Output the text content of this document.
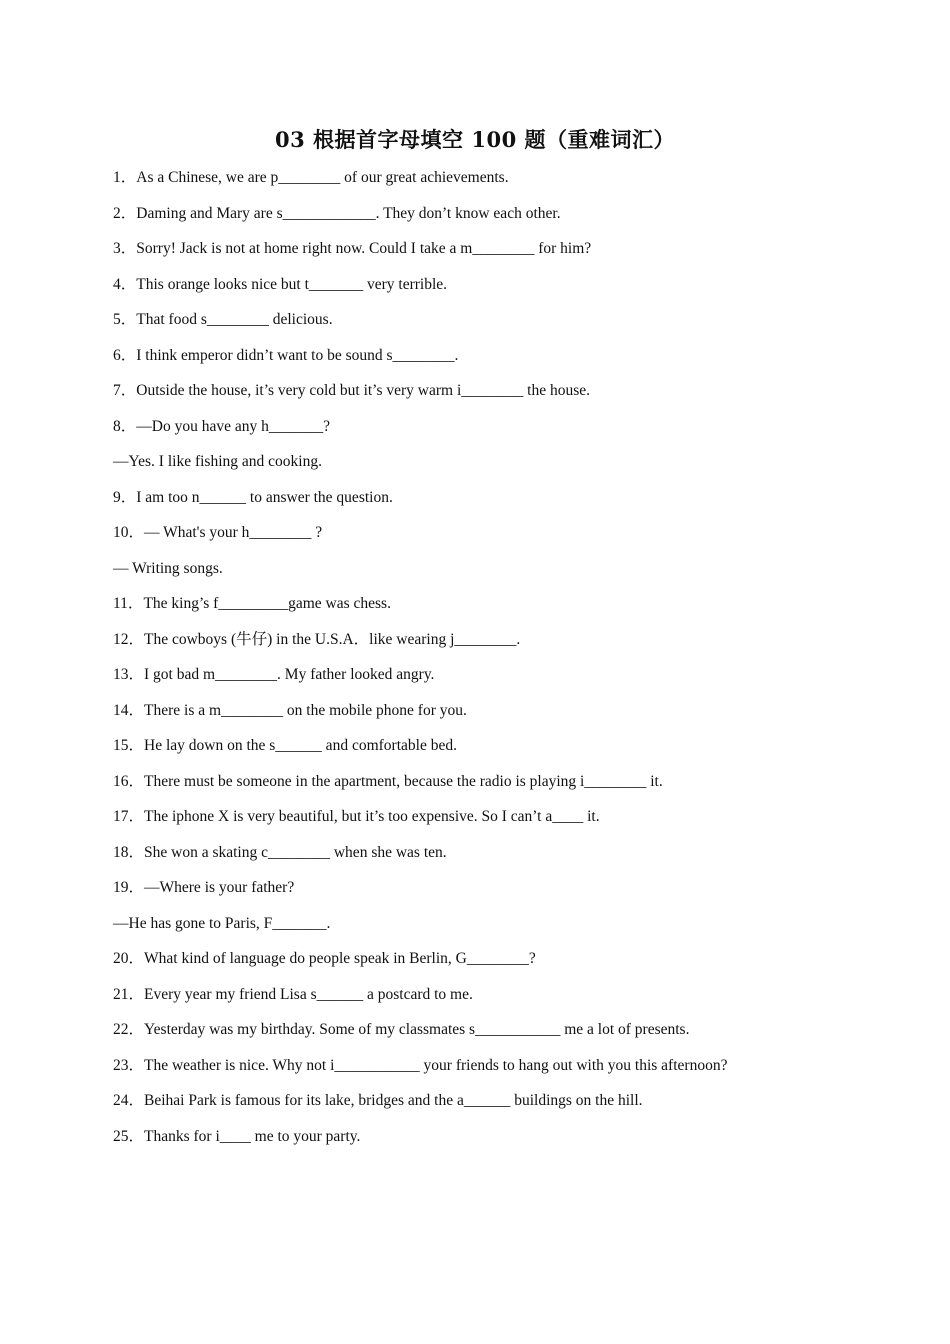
03 根据首字母填空 100 题（重难词汇）
1．As a Chinese, we are p________ of our great achievements.
2．Daming and Mary are s____________. They don’t know each other.
3．Sorry! Jack is not at home right now. Could I take a m________ for him?
4．This orange looks nice but t_______ very terrible.
5．That food s________ delicious.
6．I think emperor didn’t want to be sound s________.
7．Outside the house, it’s very cold but it’s very warm i________ the house.
8．—Do you have any h_______?
—Yes. I like fishing and cooking.
9．I am too n______ to answer the question.
10．— What's your h________ ?
— Writing songs.
11．The king’s f_________game was chess.
12．The cowboys (牛仔) in the U.S.A．like wearing j________.
13．I got bad m________. My father looked angry.
14．There is a m________ on the mobile phone for you.
15．He lay down on the s______ and comfortable bed.
16．There must be someone in the apartment, because the radio is playing i________ it.
17．The iphone X is very beautiful, but it’s too expensive. So I can’t a____ it.
18．She won a skating c________ when she was ten.
19．—Where is your father?
—He has gone to Paris, F_______.
20．What kind of language do people speak in Berlin, G________?
21．Every year my friend Lisa s______ a postcard to me.
22．Yesterday was my birthday. Some of my classmates s___________ me a lot of presents.
23．The weather is nice. Why not i___________ your friends to hang out with you this afternoon?
24．Beihai Park is famous for its lake, bridges and the a______ buildings on the hill.
25．Thanks for i____ me to your party.
